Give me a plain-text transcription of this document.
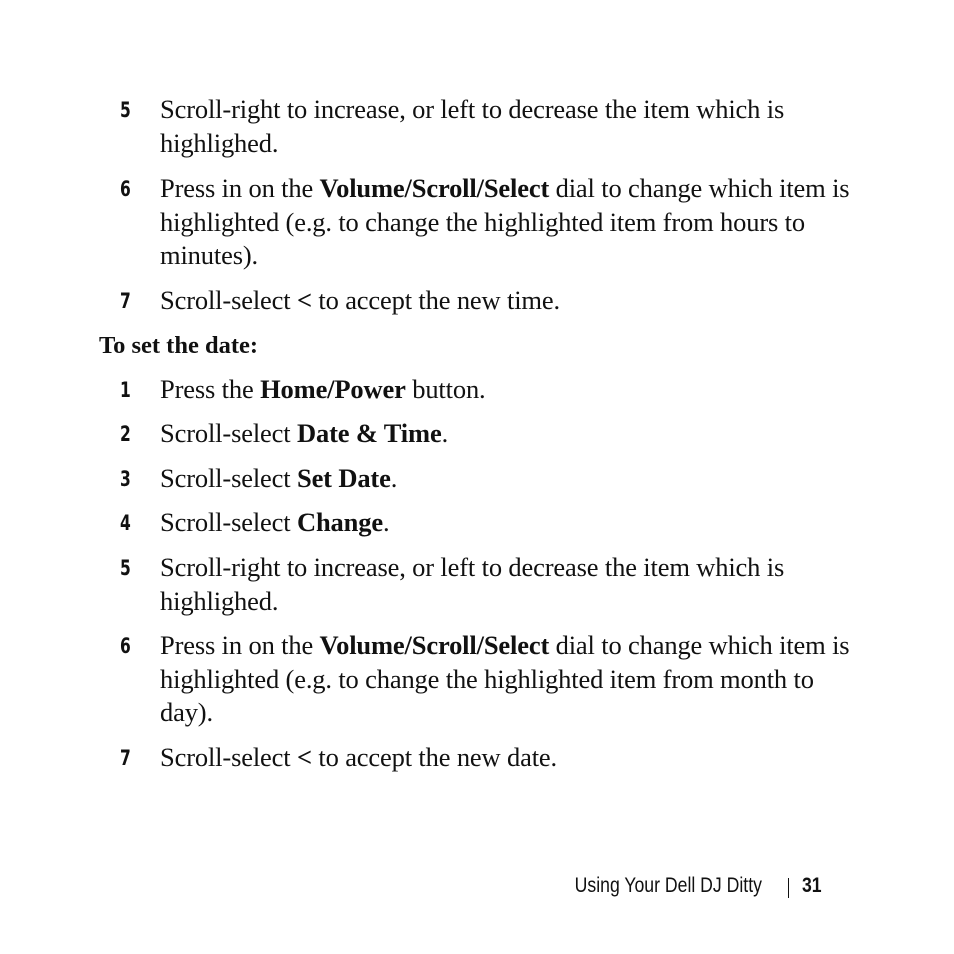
5 Scroll-right to increase, or left to decrease the item which is highlighed.
6 Press in on the Volume/Scroll/Select dial to change which item is highlighted (e.g. to change the highlighted item from hours to minutes).
7 Scroll-select < to accept the new time.
To set the date:
1 Press the Home/Power button.
2 Scroll-select Date & Time.
3 Scroll-select Set Date.
4 Scroll-select Change.
5 Scroll-right to increase, or left to decrease the item which is highlighed.
6 Press in on the Volume/Scroll/Select dial to change which item is highlighted (e.g. to change the highlighted item from month to day).
7 Scroll-select < to accept the new date.
Using Your Dell DJ Ditty 31
